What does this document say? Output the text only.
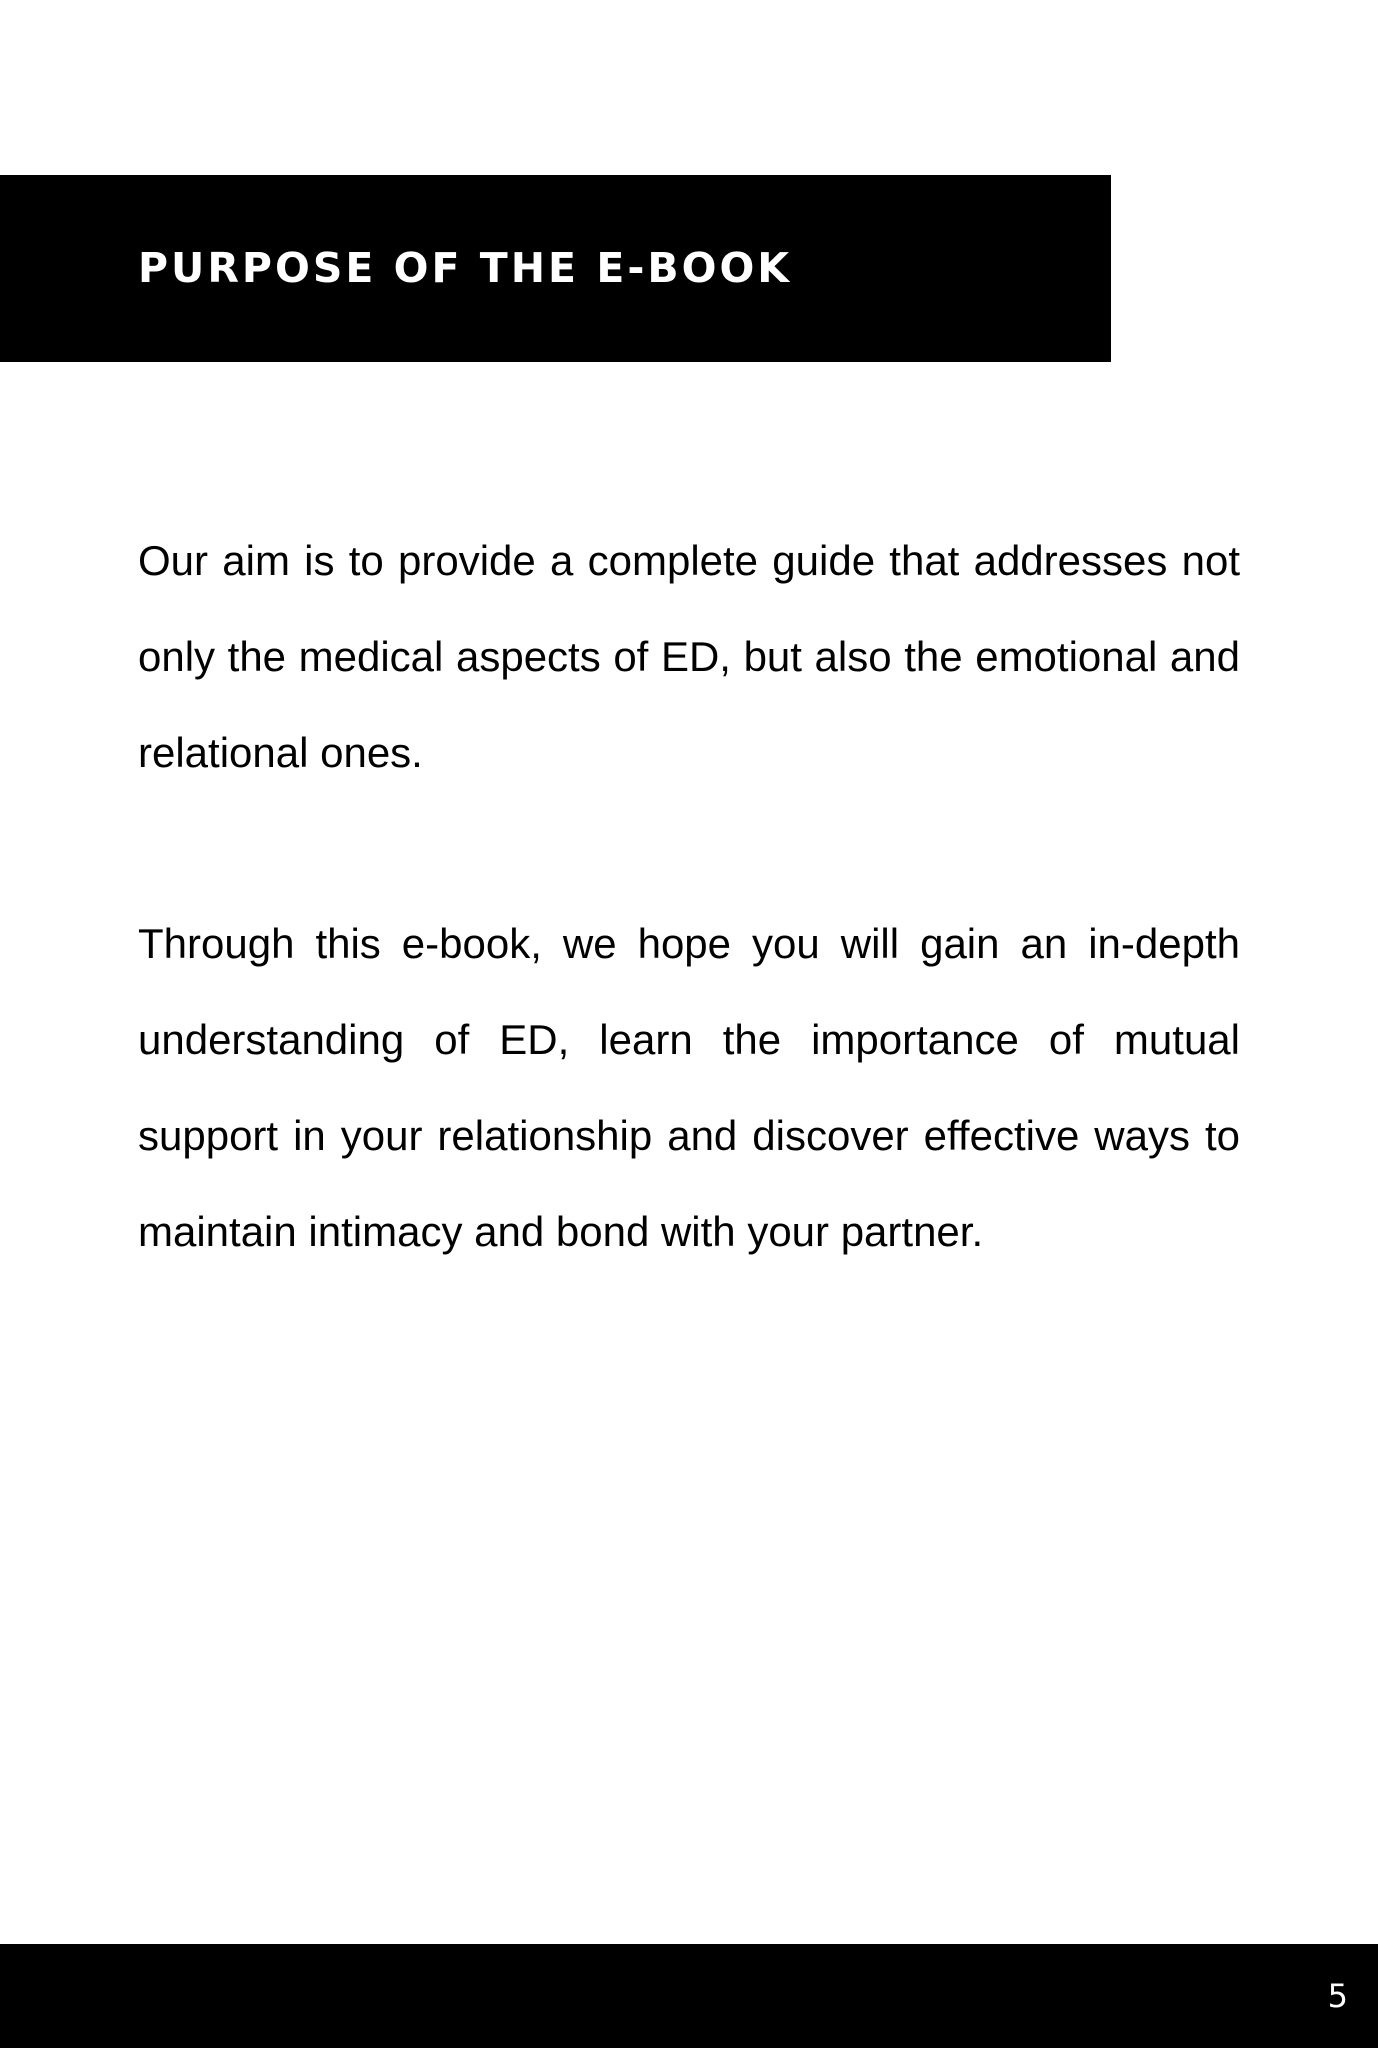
PURPOSE OF THE E-BOOK

Our aim is to provide a complete guide that addresses not only the medical aspects of ED, but also the emotional and relational ones.

Through this e-book, we hope you will gain an in-depth understanding of ED, learn the importance of mutual support in your relationship and discover effective ways to maintain intimacy and bond with your partner.

5
